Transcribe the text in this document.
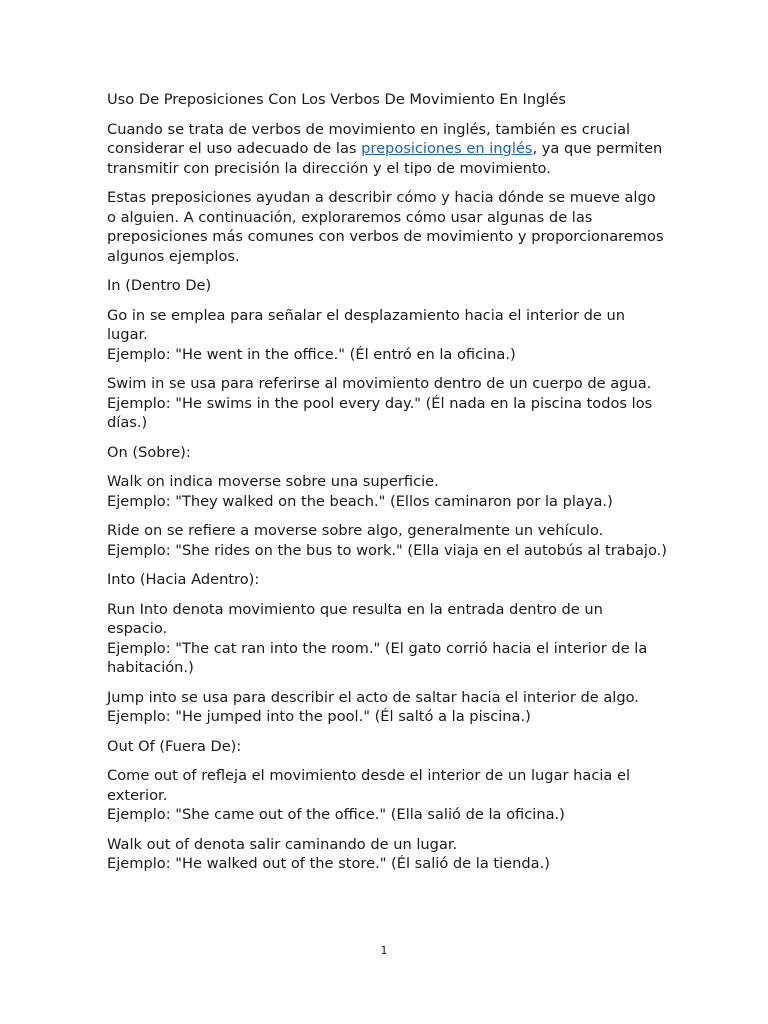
Uso De Preposiciones Con Los Verbos De Movimiento En Inglés

Cuando se trata de verbos de movimiento en inglés, también es crucial considerar el uso adecuado de las preposiciones en inglés, ya que permiten transmitir con precisión la dirección y el tipo de movimiento.

Estas preposiciones ayudan a describir cómo y hacia dónde se mueve algo o alguien. A continuación, exploraremos cómo usar algunas de las preposiciones más comunes con verbos de movimiento y proporcionaremos algunos ejemplos.

In (Dentro De)

Go in se emplea para señalar el desplazamiento hacia el interior de un lugar.
Ejemplo: "He went in the office." (Él entró en la oficina.)

Swim in se usa para referirse al movimiento dentro de un cuerpo de agua.
Ejemplo: "He swims in the pool every day." (Él nada en la piscina todos los días.)

On (Sobre):

Walk on indica moverse sobre una superficie.
Ejemplo: "They walked on the beach." (Ellos caminaron por la playa.)

Ride on se refiere a moverse sobre algo, generalmente un vehículo.
Ejemplo: "She rides on the bus to work." (Ella viaja en el autobús al trabajo.)

Into (Hacia Adentro):

Run Into denota movimiento que resulta en la entrada dentro de un espacio.
Ejemplo: "The cat ran into the room." (El gato corrió hacia el interior de la habitación.)

Jump into se usa para describir el acto de saltar hacia el interior de algo.
Ejemplo: "He jumped into the pool." (Él saltó a la piscina.)

Out Of (Fuera De):

Come out of refleja el movimiento desde el interior de un lugar hacia el exterior.
Ejemplo: "She came out of the office." (Ella salió de la oficina.)

Walk out of denota salir caminando de un lugar.
Ejemplo: "He walked out of the store." (Él salió de la tienda.)

1
